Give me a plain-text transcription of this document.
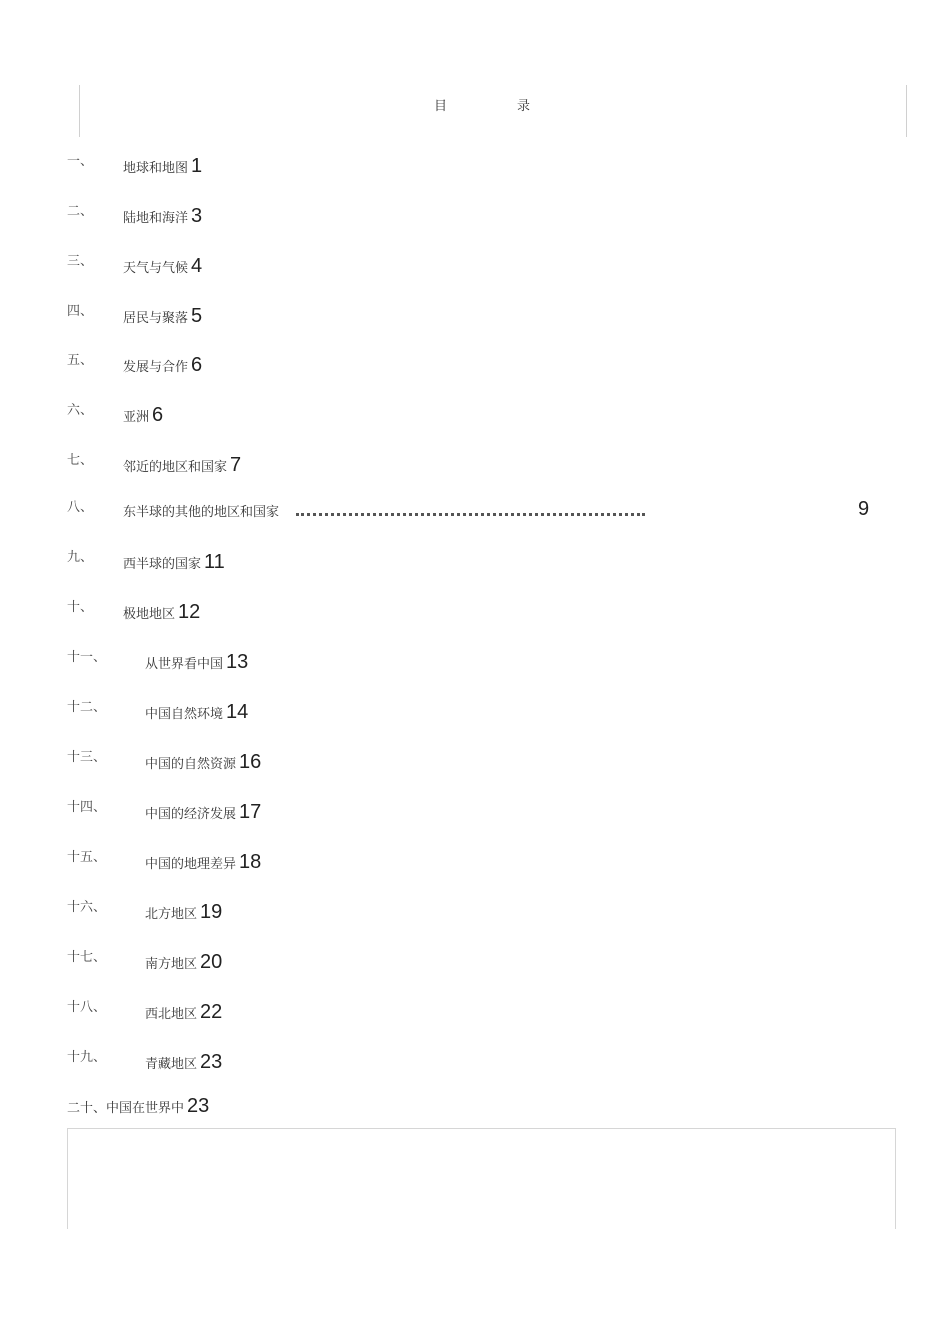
目	录
一、 地球和地图 1
二、 陆地和海洋 3
三、 天气与气候 4
四、 居民与聚落 5
五、 发展与合作 6
六、 亚洲 6
七、 邻近的地区和国家 7
八、 东半球的其他的地区和国家	9
九、 西半球的国家 11
十、 极地地区 12
十一、	从世界看中国 13
十二、	中国自然环境 14
十三、	中国的自然资源 16
十四、	中国的经济发展 17
十五、	中国的地理差异 18
十六、	北方地区 19
十七、	南方地区 20
十八、	西北地区 22
十九、	青藏地区 23
二十、中国在世界中 23
